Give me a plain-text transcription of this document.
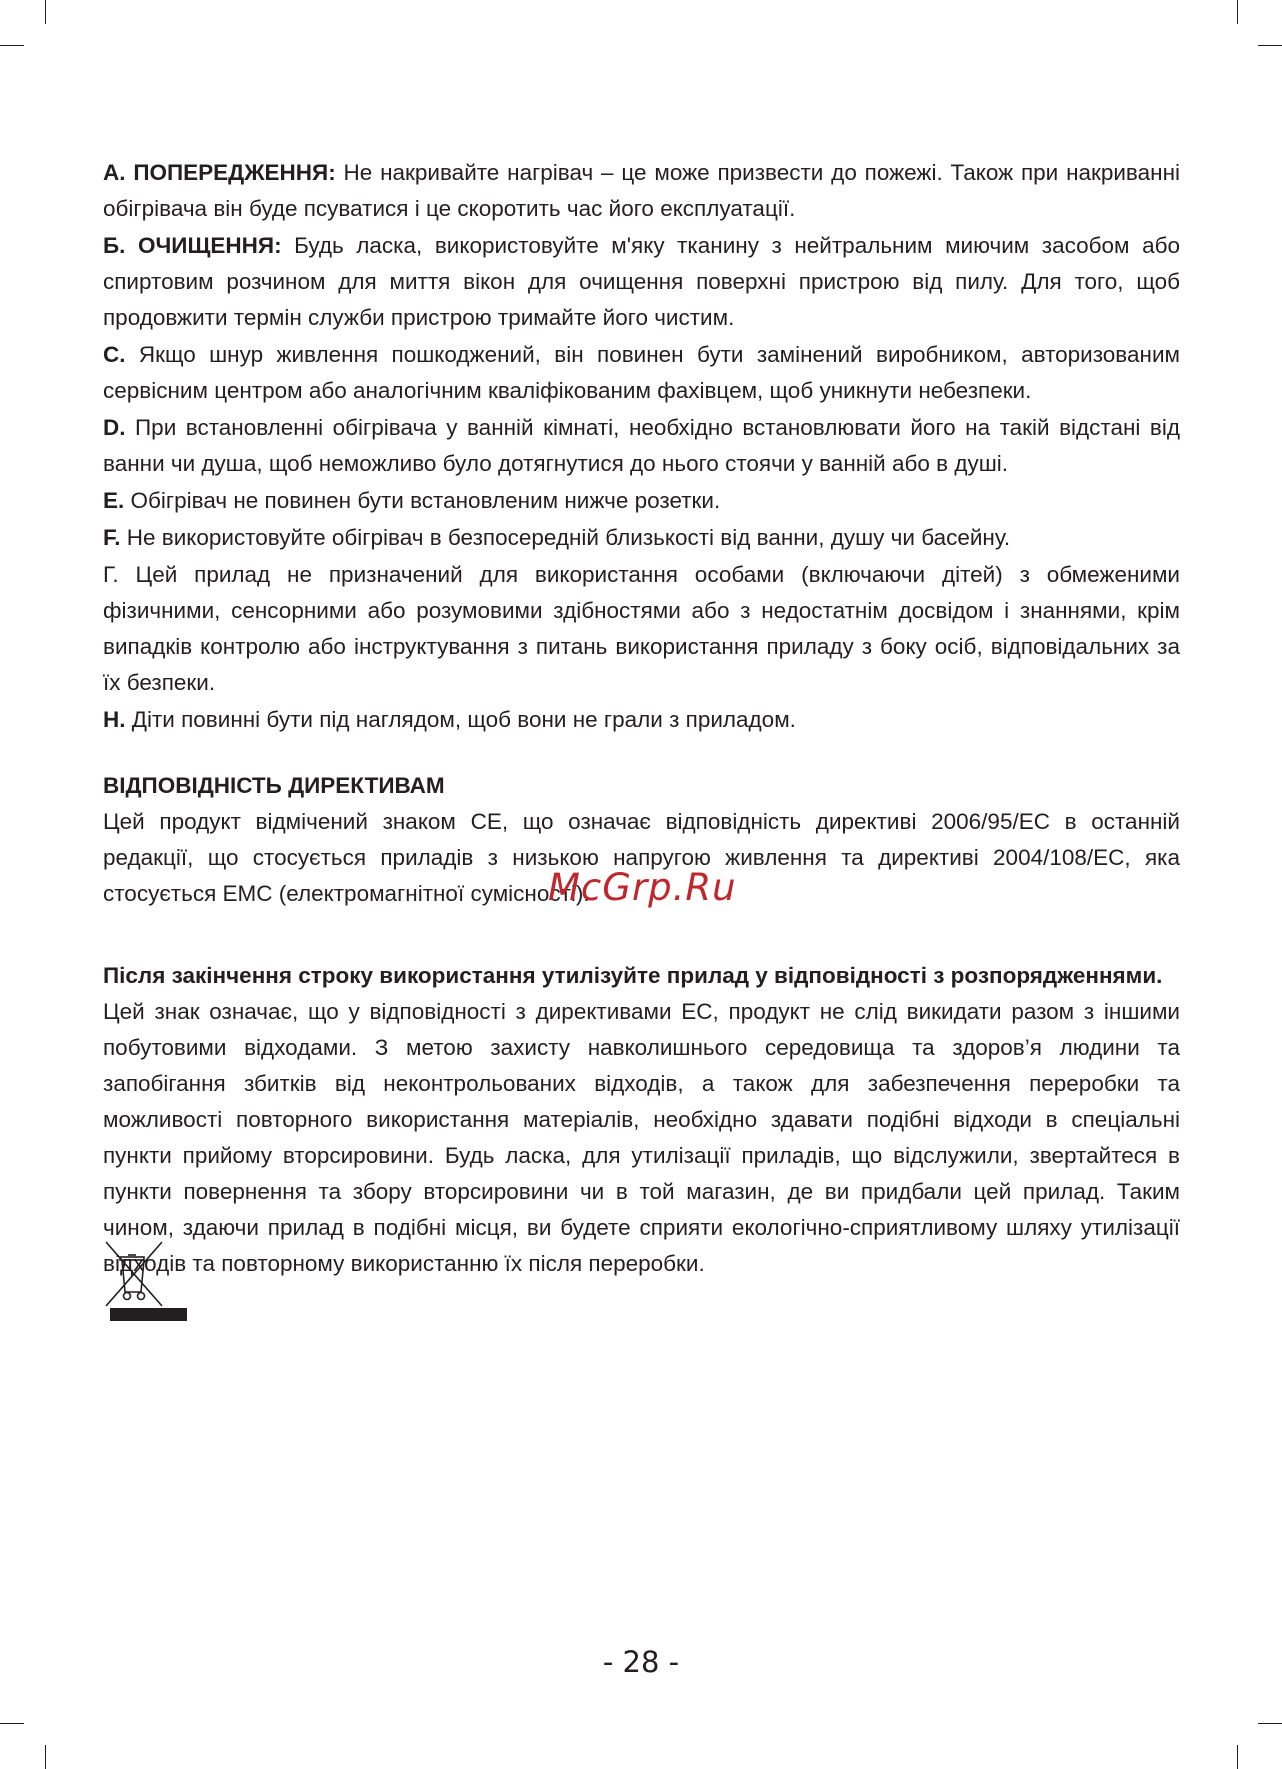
A. ПОПЕРЕДЖЕННЯ: Не накривайте нагрівач – це може призвести до пожежі. Також при накриванні обігрівача він буде псуватися і це скоротить час його експлуатації.

Б. ОЧИЩЕННЯ: Будь ласка, використовуйте м'яку тканину з нейтральним миючим засобом або спиртовим розчином для миття вікон для очищення поверхні пристрою від пилу. Для того, щоб продовжити термін служби пристрою тримайте його чистим.

C. Якщо шнур живлення пошкоджений, він повинен бути замінений виробником, авторизованим сервісним центром або аналогічним кваліфікованим фахівцем, щоб уникнути небезпеки.

D. При встановленні обігрівача у ванній кімнаті, необхідно встановлювати його на такій відстані від ванни чи душа, щоб неможливо було дотягнутися до нього стоячи у ванній або в душі.

E. Обігрівач не повинен бути встановленим нижче розетки.

F. Не використовуйте обігрівач в безпосередній близькості від ванни, душу чи басейну.

Г. Цей прилад не призначений для використання особами (включаючи дітей) з обмеженими фізичними, сенсорними або розумовими здібностями або з недостатнім досвідом і знаннями, крім випадків контролю або інструктування з питань використання приладу з боку осіб, відповідальних за їх безпеки.

H. Діти повинні бути під наглядом, щоб вони не грали з приладом.

ВІДПОВІДНІСТЬ ДИРЕКТИВАМ

Цей продукт відмічений знаком СЕ, що означає відповідність директиві 2006/95/ЕС в останній редакції, що стосується приладів з низькою напругою живлення та директиві 2004/108/ЕС, яка стосується ЕМС (електромагнітної сумісності).

Після закінчення строку використання утилізуйте прилад у відповідності з розпорядженнями.

Цей знак означає, що у відповідності з директивами ЕС, продукт не слід викидати разом з іншими побутовими відходами. З метою захисту навколишнього середовища та здоров’я людини та запобігання збитків від неконтрольованих відходів, а також для забезпечення переробки та можливості повторного використання матеріалів, необхідно здавати подібні відходи в спеціальні пункти прийому вторсировини. Будь ласка, для утилізації приладів, що відслужили, звертайтеся в пункти повернення та збору вторсировини чи в той магазин, де ви придбали цей прилад. Таким чином, здаючи прилад в подібні місця, ви будете сприяти екологічно-сприятливому шляху утилізації відходів та повторному використанню їх після переробки.

McGrp.Ru
- 28 -
